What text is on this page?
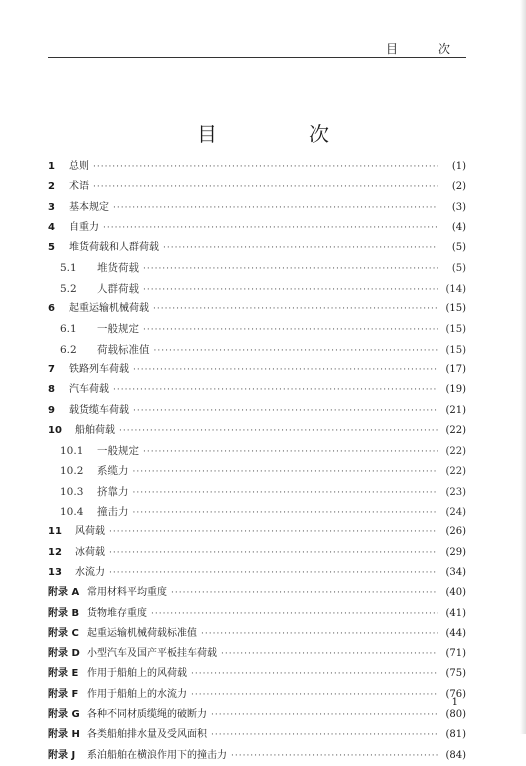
目　次
目　次
1	总则 ·····	(1)
2	术语 ·····	(2)
3	基本规定 ·····	(3)
4	自重力 ·····	(4)
5	堆货荷载和人群荷载 ·····	(5)
5.1	堆货荷载 ·····	(5)
5.2	人群荷载 ·····	(14)
6	起重运输机械荷载 ·····	(15)
6.1	一般规定 ·····	(15)
6.2	荷载标准值 ·····	(15)
7	铁路列车荷载 ·····	(17)
8	汽车荷载 ·····	(19)
9	载货缆车荷载 ·····	(21)
10	船舶荷载 ·····	(22)
10.1	一般规定 ·····	(22)
10.2	系缆力 ·····	(22)
10.3	挤靠力 ·····	(23)
10.4	撞击力 ·····	(24)
11	风荷载 ·····	(26)
12	冰荷载 ·····	(29)
13	水流力 ·····	(34)
附录 A 常用材料平均重度 ·····	(40)
附录 B 货物堆存重度 ·····	(41)
附录 C 起重运输机械荷载标准值 ·····	(44)
附录 D 小型汽车及国产平板挂车荷载 ·····	(71)
附录 E 作用于船舶上的风荷载 ·····	(75)
附录 F 作用于船舶上的水流力 ·····	(76)
附录 G 各种不同材质缆绳的破断力 ·····	(80)
附录 H 各类船舶排水量及受风面积 ·····	(81)
附录 J	系泊船舶在横浪作用下的撞击力 ·····	(84)
1
